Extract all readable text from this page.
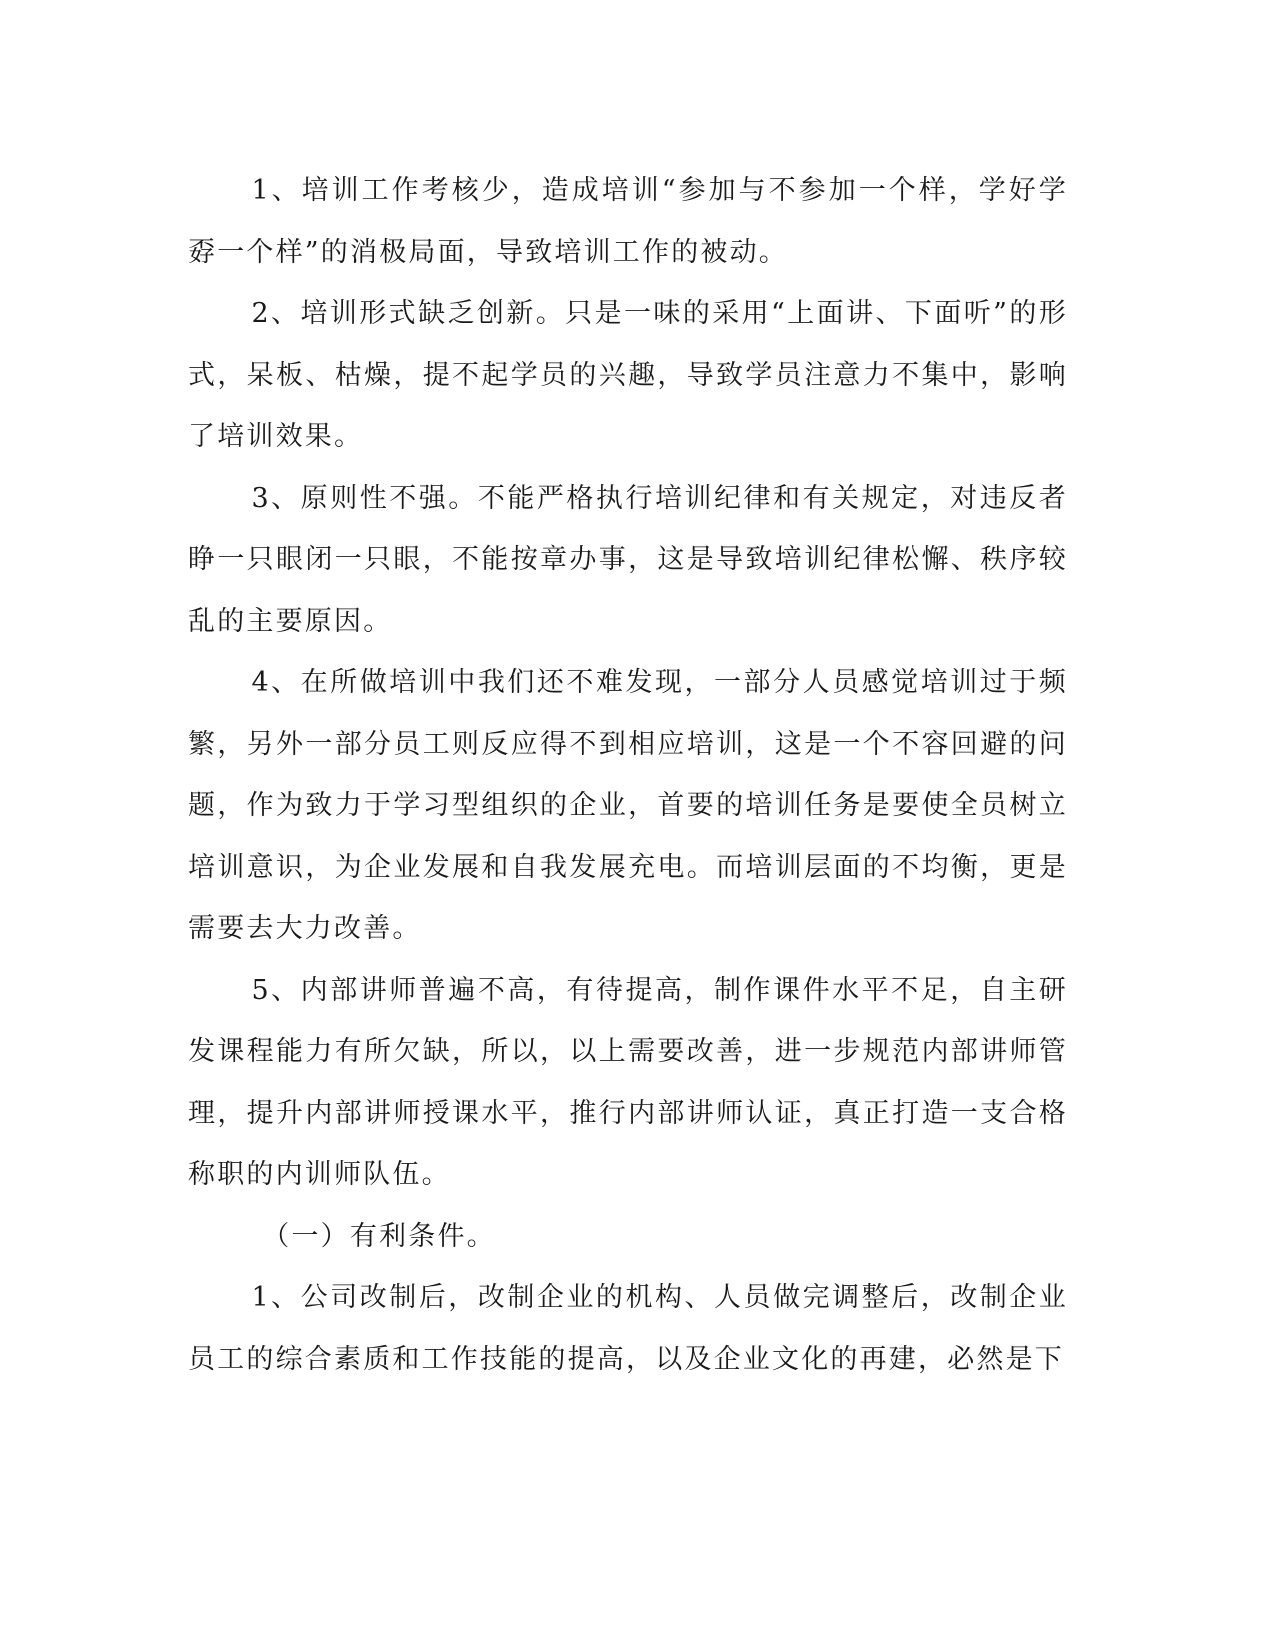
1、培训工作考核少，造成培训“参加与不参加一个样，学好学孬一个样”的消极局面，导致培训工作的被动。

2、培训形式缺乏创新。只是一味的采用“上面讲、下面听”的形式，呆板、枯燥，提不起学员的兴趣，导致学员注意力不集中，影响了培训效果。

3、原则性不强。不能严格执行培训纪律和有关规定，对违反者睁一只眼闭一只眼，不能按章办事，这是导致培训纪律松懈、秩序较乱的主要原因。

4、在所做培训中我们还不难发现，一部分人员感觉培训过于频繁，另外一部分员工则反应得不到相应培训，这是一个不容回避的问题，作为致力于学习型组织的企业，首要的培训任务是要使全员树立培训意识，为企业发展和自我发展充电。而培训层面的不均衡，更是需要去大力改善。

5、内部讲师普遍不高，有待提高，制作课件水平不足，自主研发课程能力有所欠缺，所以，以上需要改善，进一步规范内部讲师管理，提升内部讲师授课水平，推行内部讲师认证，真正打造一支合格称职的内训师队伍。

（一）有利条件。

1、公司改制后，改制企业的机构、人员做完调整后，改制企业员工的综合素质和工作技能的提高，以及企业文化的再建，必然是下
